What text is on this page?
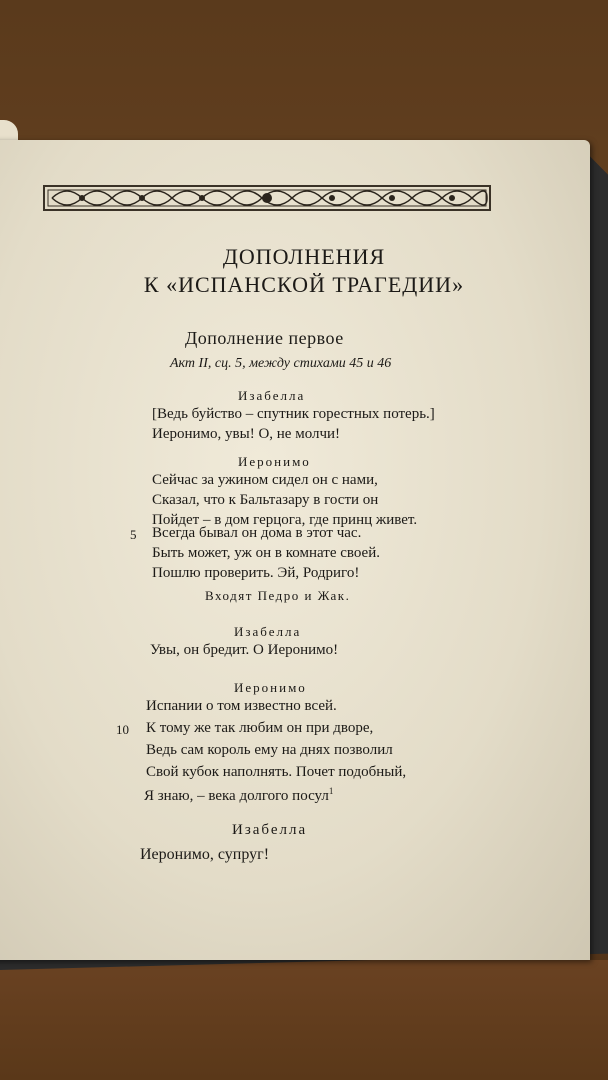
ДОПОЛНЕНИЯ
К «ИСПАНСКОЙ ТРАГЕДИИ»
Дополнение первое
Акт II, сц. 5, между стихами 45 и 46
Изабелла
[Ведь буйство – спутник горестных потерь.]
Иеронимо, увы! О, не молчи!
Иеронимо
Сейчас за ужином сидел он с нами,
Сказал, что к Бальтазару в гости он
Пойдет – в дом герцога, где принц живет.
5 Всегда бывал он дома в этот час.
Быть может, уж он в комнате своей.
Пошлю проверить. Эй, Родриго!
Входят Педро и Жак.
Изабелла
Увы, он бредит. О Иеронимо!
Иеронимо
Испании о том известно всей.
10 К тому же так любим он при дворе,
Ведь сам король ему на днях позволил
Свой кубок наполнять. Почет подобный,
Я знаю, – века долгого посул$^1$
Изабелла
Иеронимо, супруг!
